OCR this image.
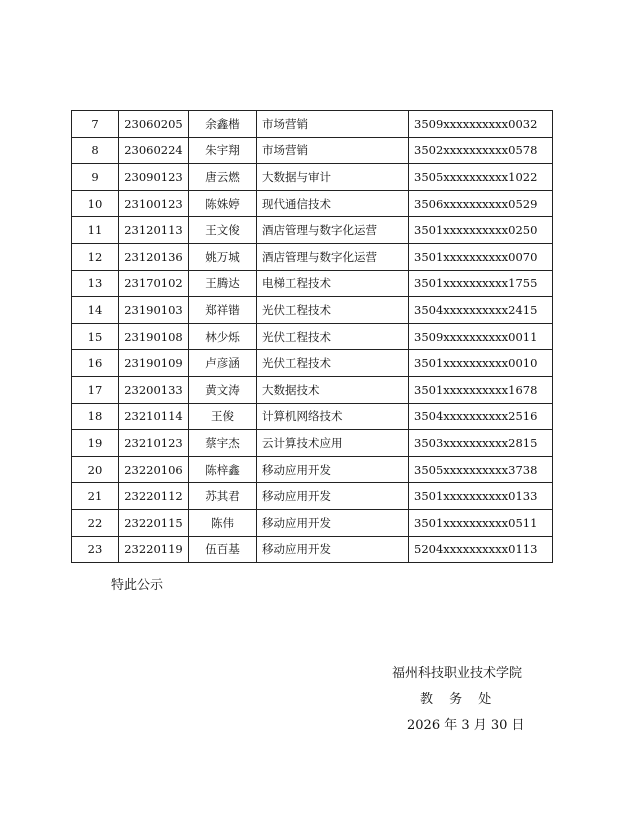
7	23060205	余鑫楷	市场营销	3509xxxxxxxxxx0032
8	23060224	朱宇翔	市场营销	3502xxxxxxxxxx0578
9	23090123	唐云燃	大数据与审计	3505xxxxxxxxxx1022
10	23100123	陈姝婷	现代通信技术	3506xxxxxxxxxx0529
11	23120113	王文俊	酒店管理与数字化运营	3501xxxxxxxxxx0250
12	23120136	姚万城	酒店管理与数字化运营	3501xxxxxxxxxx0070
13	23170102	王腾达	电梯工程技术	3501xxxxxxxxxx1755
14	23190103	郑祥锴	光伏工程技术	3504xxxxxxxxxx2415
15	23190108	林少烁	光伏工程技术	3509xxxxxxxxxx0011
16	23190109	卢彦涵	光伏工程技术	3501xxxxxxxxxx0010
17	23200133	黄文涛	大数据技术	3501xxxxxxxxxx1678
18	23210114	王俊	计算机网络技术	3504xxxxxxxxxx2516
19	23210123	蔡宇杰	云计算技术应用	3503xxxxxxxxxx2815
20	23220106	陈梓鑫	移动应用开发	3505xxxxxxxxxx3738
21	23220112	苏其君	移动应用开发	3501xxxxxxxxxx0133
22	23220115	陈伟	移动应用开发	3501xxxxxxxxxx0511
23	23220119	伍百基	移动应用开发	5204xxxxxxxxxx0113
特此公示
福州科技职业技术学院
教 务 处
2026 年 3 月 30 日
